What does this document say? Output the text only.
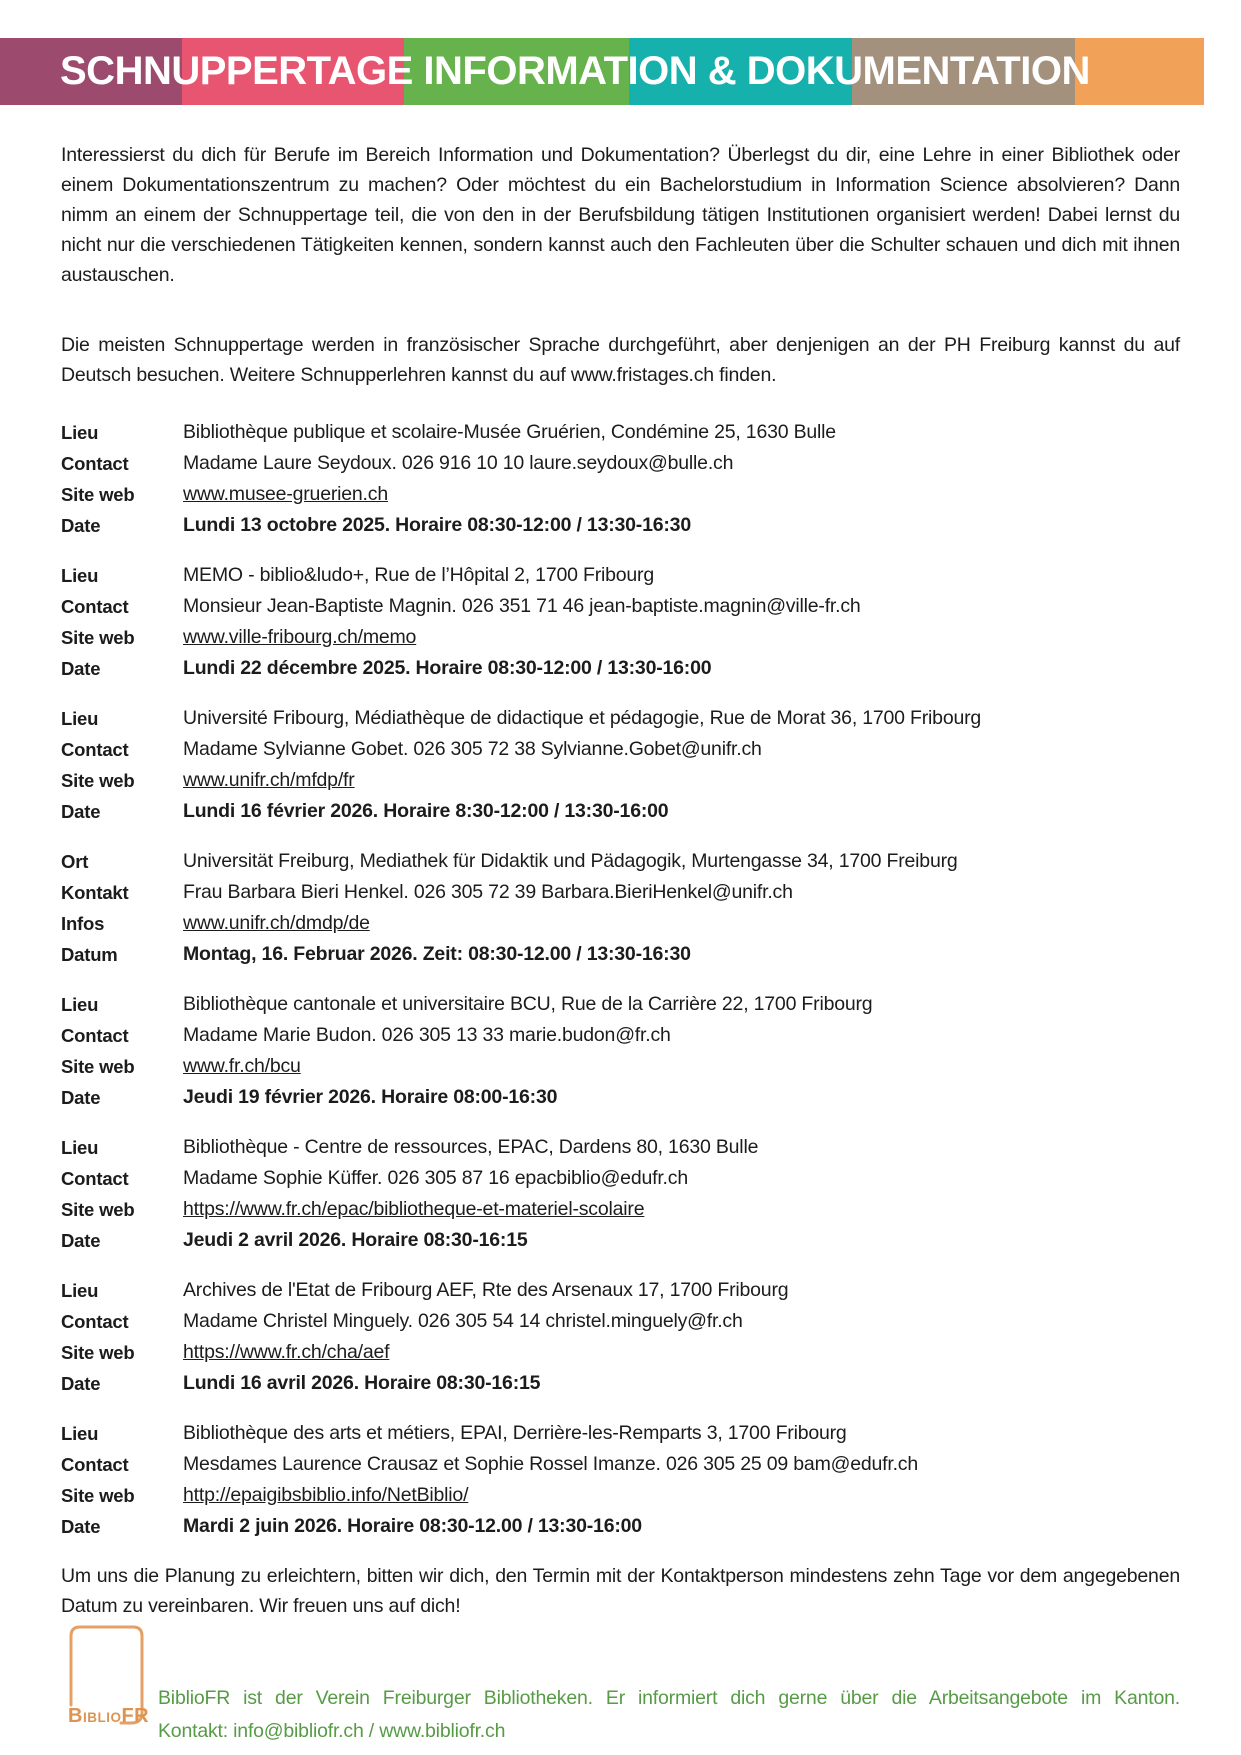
SCHNUPPERTAGE INFORMATION & DOKUMENTATION

Interessierst du dich für Berufe im Bereich Information und Dokumentation? Überlegst du dir, eine Lehre in einer Bibliothek oder einem Dokumentationszentrum zu machen? Oder möchtest du ein Bachelorstudium in Information Science absolvieren? Dann nimm an einem der Schnuppertage teil, die von den in der Berufsbildung tätigen Institutionen organisiert werden! Dabei lernst du nicht nur die verschiedenen Tätigkeiten kennen, sondern kannst auch den Fachleuten über die Schulter schauen und dich mit ihnen austauschen.

Die meisten Schnuppertage werden in französischer Sprache durchgeführt, aber denjenigen an der PH Freiburg kannst du auf Deutsch besuchen. Weitere Schnupperlehren kannst du auf www.fristages.ch finden.

Lieu	Bibliothèque publique et scolaire-Musée Gruérien, Condémine 25, 1630 Bulle
Contact	Madame Laure Seydoux. 026 916 10 10 laure.seydoux@bulle.ch
Site web	www.musee-gruerien.ch
Date	Lundi 13 octobre 2025. Horaire 08:30-12:00 / 13:30-16:30
Lieu	MEMO - biblio&ludo+, Rue de l’Hôpital 2, 1700 Fribourg
Contact	Monsieur Jean-Baptiste Magnin. 026 351 71 46 jean-baptiste.magnin@ville-fr.ch
Site web	www.ville-fribourg.ch/memo
Date	Lundi 22 décembre 2025. Horaire 08:30-12:00 / 13:30-16:00
Lieu	Université Fribourg, Médiathèque de didactique et pédagogie, Rue de Morat 36, 1700 Fribourg
Contact	Madame Sylvianne Gobet. 026 305 72 38 Sylvianne.Gobet@unifr.ch
Site web	www.unifr.ch/mfdp/fr
Date	Lundi 16 février 2026. Horaire 8:30-12:00 / 13:30-16:00
Ort	Universität Freiburg, Mediathek für Didaktik und Pädagogik, Murtengasse 34, 1700 Freiburg
Kontakt	Frau Barbara Bieri Henkel. 026 305 72 39 Barbara.BieriHenkel@unifr.ch
Infos	www.unifr.ch/dmdp/de
Datum	Montag, 16. Februar 2026. Zeit: 08:30-12.00 / 13:30-16:30
Lieu	Bibliothèque cantonale et universitaire BCU, Rue de la Carrière 22, 1700 Fribourg
Contact	Madame Marie Budon. 026 305 13 33 marie.budon@fr.ch
Site web	www.fr.ch/bcu
Date	Jeudi 19 février 2026. Horaire 08:00-16:30
Lieu	Bibliothèque - Centre de ressources, EPAC, Dardens 80, 1630 Bulle
Contact	Madame Sophie Küffer. 026 305 87 16 epacbiblio@edufr.ch
Site web	https://www.fr.ch/epac/bibliotheque-et-materiel-scolaire
Date	Jeudi 2 avril 2026. Horaire 08:30-16:15
Lieu	Archives de l'Etat de Fribourg AEF, Rte des Arsenaux 17, 1700 Fribourg
Contact	Madame Christel Minguely. 026 305 54 14 christel.minguely@fr.ch
Site web	https://www.fr.ch/cha/aef
Date	Lundi 16 avril 2026. Horaire 08:30-16:15
Lieu	Bibliothèque des arts et métiers, EPAI, Derrière-les-Remparts 3, 1700 Fribourg
Contact	Mesdames Laurence Crausaz et Sophie Rossel Imanze. 026 305 25 09 bam@edufr.ch
Site web	http://epaigibsbiblio.info/NetBiblio/
Date	Mardi 2 juin 2026. Horaire 08:30-12.00 / 13:30-16:00

Um uns die Planung zu erleichtern, bitten wir dich, den Termin mit der Kontaktperson mindestens zehn Tage vor dem angegebenen Datum zu vereinbaren. Wir freuen uns auf dich!

BIBLIOFR
BiblioFR ist der Verein Freiburger Bibliotheken. Er informiert dich gerne über die Arbeitsangebote im Kanton.
Kontakt: info@bibliofr.ch / www.bibliofr.ch
